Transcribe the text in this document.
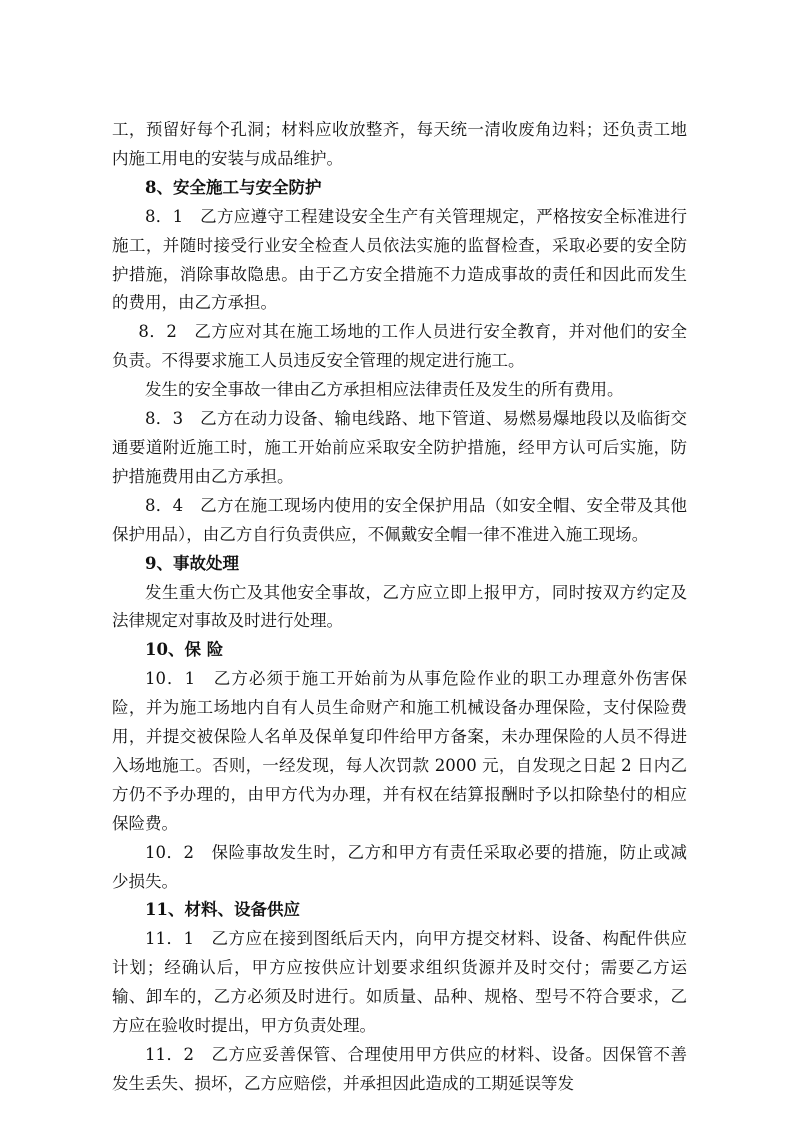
工，预留好每个孔洞；材料应收放整齐，每天统一清收废角边料；还负责工地内施工用电的安装与成品维护。

8、安全施工与安全防护

8．1　乙方应遵守工程建设安全生产有关管理规定，严格按安全标准进行施工，并随时接受行业安全检查人员依法实施的监督检查，采取必要的安全防护措施，消除事故隐患。由于乙方安全措施不力造成事故的责任和因此而发生的费用，由乙方承担。

8．2　乙方应对其在施工场地的工作人员进行安全教育，并对他们的安全负责。不得要求施工人员违反安全管理的规定进行施工。

发生的安全事故一律由乙方承担相应法律责任及发生的所有费用。

8．3　乙方在动力设备、输电线路、地下管道、易燃易爆地段以及临街交通要道附近施工时，施工开始前应采取安全防护措施，经甲方认可后实施，防护措施费用由乙方承担。

8．4　乙方在施工现场内使用的安全保护用品（如安全帽、安全带及其他保护用品），由乙方自行负责供应，不佩戴安全帽一律不准进入施工现场。

9、事故处理

发生重大伤亡及其他安全事故，乙方应立即上报甲方，同时按双方约定及法律规定对事故及时进行处理。

10、保 险

10．1　乙方必须于施工开始前为从事危险作业的职工办理意外伤害保险，并为施工场地内自有人员生命财产和施工机械设备办理保险，支付保险费用，并提交被保险人名单及保单复印件给甲方备案，未办理保险的人员不得进入场地施工。否则，一经发现，每人次罚款 2000 元，自发现之日起 2 日内乙方仍不予办理的，由甲方代为办理，并有权在结算报酬时予以扣除垫付的相应保险费。

10．2　保险事故发生时，乙方和甲方有责任采取必要的措施，防止或减少损失。

11、材料、设备供应

11．1　乙方应在接到图纸后天内，向甲方提交材料、设备、构配件供应计划；经确认后，甲方应按供应计划要求组织货源并及时交付；需要乙方运输、卸车的，乙方必须及时进行。如质量、品种、规格、型号不符合要求，乙方应在验收时提出，甲方负责处理。

11．2　乙方应妥善保管、合理使用甲方供应的材料、设备。因保管不善发生丢失、损坏，乙方应赔偿，并承担因此造成的工期延误等发
